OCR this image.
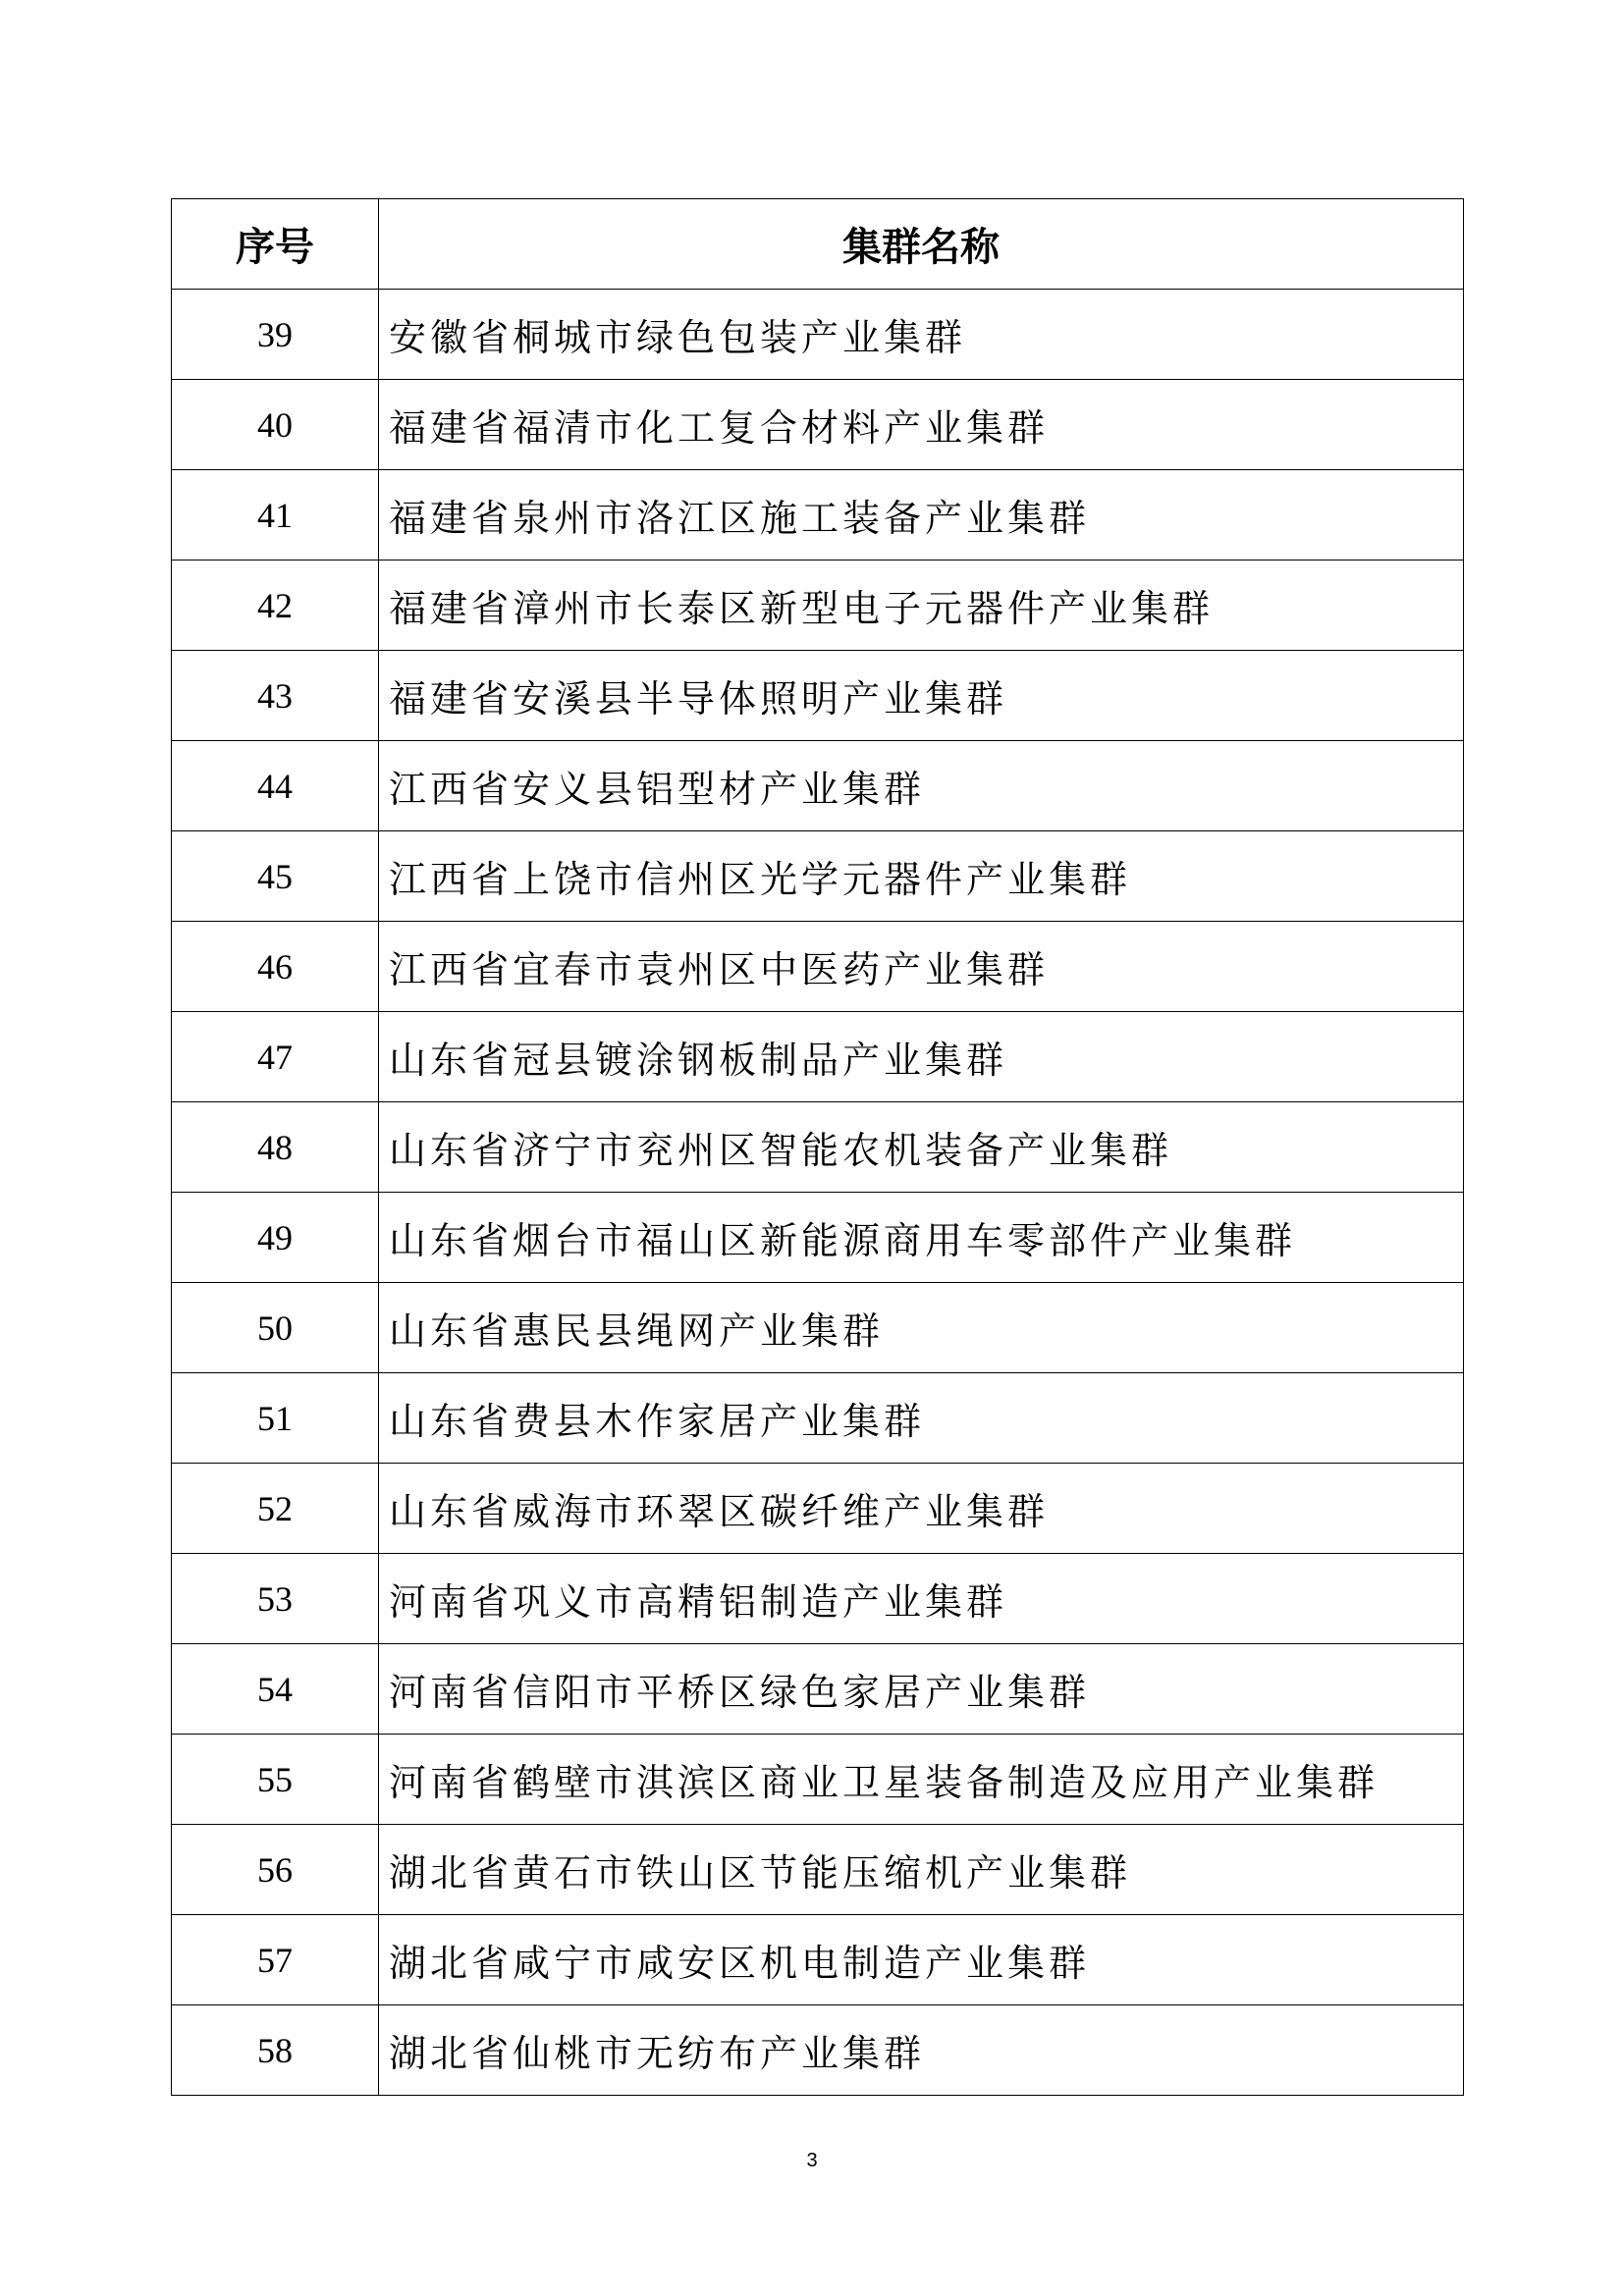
序号	集群名称
39	安徽省桐城市绿色包装产业集群
40	福建省福清市化工复合材料产业集群
41	福建省泉州市洛江区施工装备产业集群
42	福建省漳州市长泰区新型电子元器件产业集群
43	福建省安溪县半导体照明产业集群
44	江西省安义县铝型材产业集群
45	江西省上饶市信州区光学元器件产业集群
46	江西省宜春市袁州区中医药产业集群
47	山东省冠县镀涂钢板制品产业集群
48	山东省济宁市兖州区智能农机装备产业集群
49	山东省烟台市福山区新能源商用车零部件产业集群
50	山东省惠民县绳网产业集群
51	山东省费县木作家居产业集群
52	山东省威海市环翠区碳纤维产业集群
53	河南省巩义市高精铝制造产业集群
54	河南省信阳市平桥区绿色家居产业集群
55	河南省鹤壁市淇滨区商业卫星装备制造及应用产业集群
56	湖北省黄石市铁山区节能压缩机产业集群
57	湖北省咸宁市咸安区机电制造产业集群
58	湖北省仙桃市无纺布产业集群
3
